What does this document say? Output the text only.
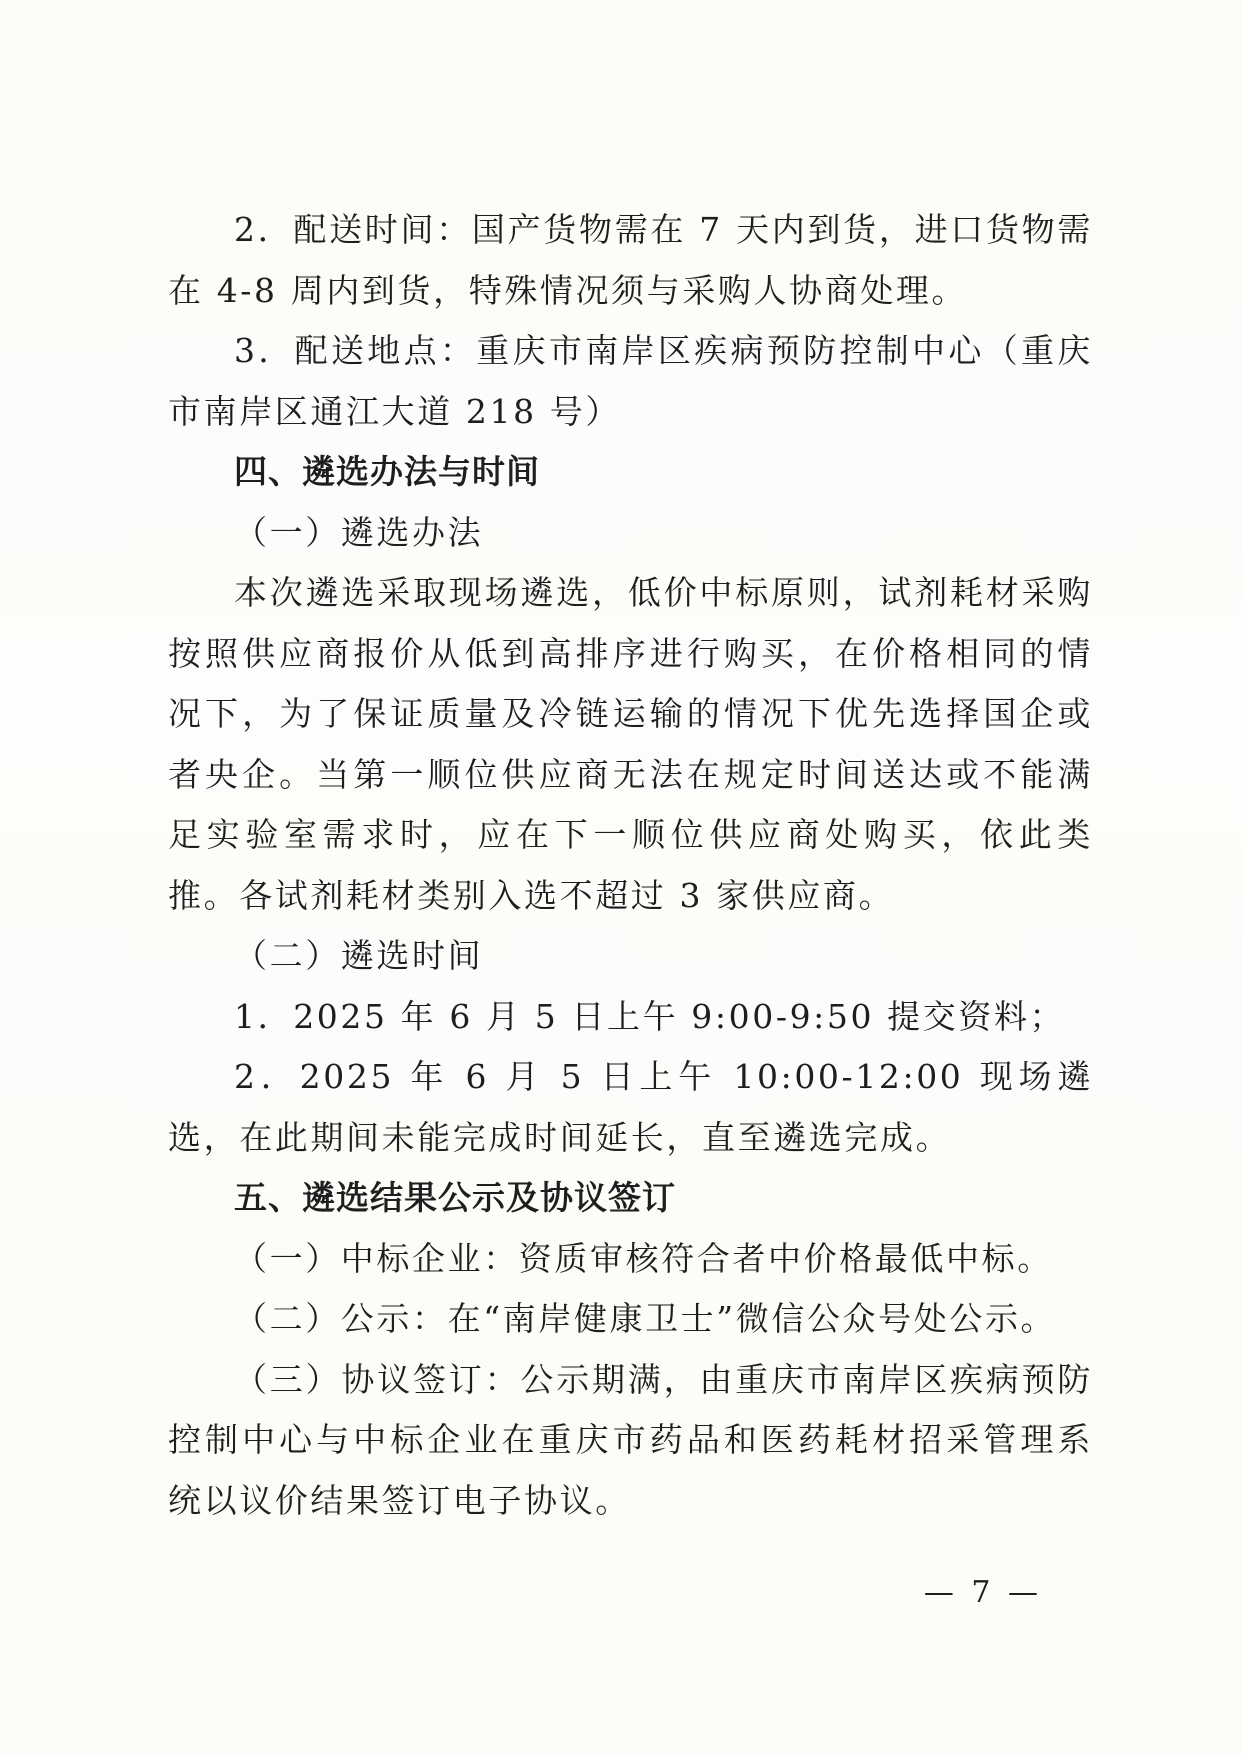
2．配送时间：国产货物需在 7 天内到货，进口货物需在 4-8 周内到货，特殊情况须与采购人协商处理。

3．配送地点：重庆市南岸区疾病预防控制中心（重庆市南岸区通江大道 218 号）

四、遴选办法与时间

（一）遴选办法

本次遴选采取现场遴选，低价中标原则，试剂耗材采购按照供应商报价从低到高排序进行购买，在价格相同的情况下，为了保证质量及冷链运输的情况下优先选择国企或者央企。当第一顺位供应商无法在规定时间送达或不能满足实验室需求时，应在下一顺位供应商处购买，依此类推。各试剂耗材类别入选不超过 3 家供应商。

（二）遴选时间

1．2025 年 6 月 5 日上午 9:00-9:50 提交资料；

2．2025 年 6 月 5 日上午 10:00-12:00 现场遴选，在此期间未能完成时间延长，直至遴选完成。

五、遴选结果公示及协议签订

（一）中标企业：资质审核符合者中价格最低中标。

（二）公示：在“南岸健康卫士”微信公众号处公示。

（三）协议签订：公示期满，由重庆市南岸区疾病预防控制中心与中标企业在重庆市药品和医药耗材招采管理系统以议价结果签订电子协议。

— 7 —
